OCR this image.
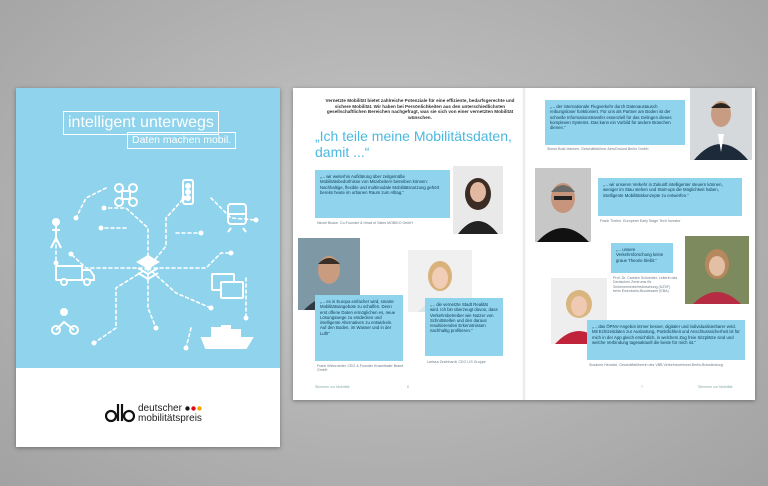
intelligent unterwegs
Daten machen mobil.
deutscher
mobilitätspreis
Vernetzte Mobilität bietet zahlreiche Potenziale für eine effiziente, bedarfsgerechte und sichere Mobilität. Wir haben bei Persönlichkeiten aus den unterschiedlichsten gesellschaftlichen Bereichen nachgefragt, was sie sich von einer vernetzten Mobilität wünschen.
„Ich teile meine Mobilitätsdaten, damit ...“
„... wir weiterhin Aufklärung über zeitgemäße Mobilitätsbedürfnisse von Mitarbeitern betreiben können: Nachhaltige, flexible und multimodale Mobilitätsnutzung gehört bereits heute im urbanen Raum zum Alltag.“
Nicole Busse, Co-Founder & Head of Sales MOBIKO GmbH
„... es in Europa einfacher wird, smarte Mobilitätsangebote zu schaffen. Denn erst offene Daten ermöglichen es, neue Lösungswege zu entdecken und intelligente Alternativen zu entwickeln. Auf den Boden, im Wasser und in der Luft!“
Frank Wienroeder, CEO & Founder Kraanthaler Brand GmbH
„... die vernetzte Stadt Realität wird. Ich bin überzeugt davon, dass Verkehrsbetreiber wie Nutzer von Schnittstellen und den daraus resultierenden Erkenntnissen nachhaltig profitieren.“
Larissa Zeichhardt, CEO LIS Gruppe
„... der internationale Flugverkehr durch Datenaustausch reibungsloser funktioniert. Für uns als Partner am Boden ist der schnelle Informationstransfer essenziell für das Gelingen dieses komplexen Systems. Das kann ein Vorbild für andere Branchen dienen.“
Simon Bold-Hansen, Geschäftsführer AeroGround Berlin GmbH
„... wir unseren Verkehr in Zukunft intelligenter steuern können, weniger im Stau stehen und Start-ups die Möglichkeit haben, intelligente Mobilitätskonzepte zu entwerfen.“
Frank Thelen, European Early Stage Tech Investor
„... unsere Verkehrsforschung keine graue Theorie bleibt.“
Prof. Dr. Carsten Schneider, Leiterin des Deutschen Zentrums für Schienenverkehrsforschung (DZSF) beim Eisenbahn-Bundesamt (EBA)
„... das ÖPNV-Angebot immer besser, digitaler und individualisierbarer wird. Mit Echtzeitdaten zur Auslastung, Pünktlichkeit und Anschlusssicherheit ist für mich in der App gleich ersichtlich, in welchem Zug freie Sitzplätze sind und welche Verbindung tagesaktuell die beste für mich ist.“
Susanne Henckel, Geschäftsführerin des VBB Verkehrsverbund Berlin-Brandenburg
Stimmen zur Mobilität	6	7	Stimmen zur Mobilität
